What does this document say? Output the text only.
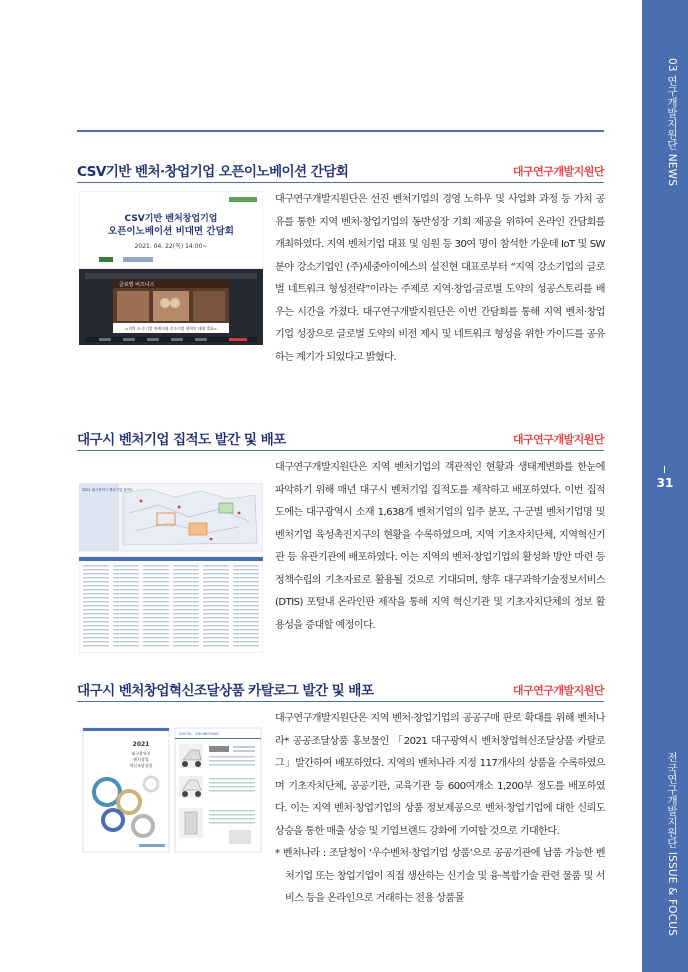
03 연구개발지원단 NEWS
31
전국연구개발지원단 ISSUE & FOCUS
CSV기반 벤처·창업기업 오픈이노베이션 간담회	대구연구개발지원단
CSV기반 벤처창업기업
오픈이노베이션 비대면 간담회
2021. 04. 22(목) 14:00~
글로벌 비즈니스
<지역 소·중기업 관계사와 중소기업 협력이 데데 발표>
대구연구개발지원단은 선진 벤처기업의 경영 노하우 및 사업화 과정 등 가치 공유를 통한 지역 벤처·창업기업의 동반성장 기회 제공을 위하여 온라인 간담회를 개최하였다. 지역 벤처기업 대표 및 임원 등 30여 명이 참석한 가운데 IoT 및 SW 분야 강소기업인 (주)세중아이에스의 설진현 대표로부터 “지역 강소기업의 글로벌 네트워크 형성전략”이라는 주제로 지역·창업·글로벌 도약의 성공스토리를 배우는 시간을 가졌다. 대구연구개발지원단은 이번 간담회를 통해 지역 벤처·창업기업 성장으로 글로벌 도약의 비전 제시 및 네트워크 형성을 위한 가이드를 공유하는 계기가 되었다고 밝혔다.
대구시 벤처기업 집적도 발간 및 배포	대구연구개발지원단
2021 대구광역시 벤처기업 집적도
대구연구개발지원단은 지역 벤처기업의 객관적인 현황과 생태계변화를 한눈에 파악하기 위해 매년 대구시 벤처기업 집적도를 제작하고 배포하였다. 이번 집적도에는 대구광역시 소재 1,638개 벤처기업의 입주 분포, 구·군별 벤처기업명 및 벤처기업 육성촉진지구의 현황을 수록하였으며, 지역 기초자치단체, 지역혁신기관 등 유관기관에 배포하였다. 이는 지역의 벤처·창업기업의 활성화 방안 마련 등 정책수립의 기초자료로 활용될 것으로 기대되며, 향후 대구과학기술정보서비스(DTIS) 포털내 온라인판 제작을 통해 지역 혁신기관 및 기초자치단체의 정보 활용성을 증대할 예정이다.
대구시 벤처창업혁신조달상품 카탈로그 발간 및 배포	대구연구개발지원단
2021
대구광역시
벤처창업
혁신조달상품
DIGITAL · ENGINEERING
대구연구개발지원단은 지역 벤처·창업기업의 공공구매 판로 확대를 위해 벤처나라* 공공조달상품 홍보물인 「2021 대구광역시 벤처창업혁신조달상품 카탈로그」발간하여 배포하였다. 지역의 벤처나라 지정 117개사의 상품을 수록하였으며 기초자치단체, 공공기관, 교육기관 등 600여개소 1,200부 정도를 배포하였다. 이는 지역 벤처·창업기업의 상품 정보제공으로 벤처·창업기업에 대한 신뢰도 상승을 통한 매출 상승 및 기업브랜드 강화에 기여할 것으로 기대한다.
* 벤처나라 : 조달청이 ‘우수벤처·창업기업 상품’으로 공공기관에 납품 가능한 벤처기업 또는 창업기업이 직접 생산하는 신기술 및 융·복합기술 관련 물품 및 서비스 등을 온라인으로 거래하는 전용 상품몰
